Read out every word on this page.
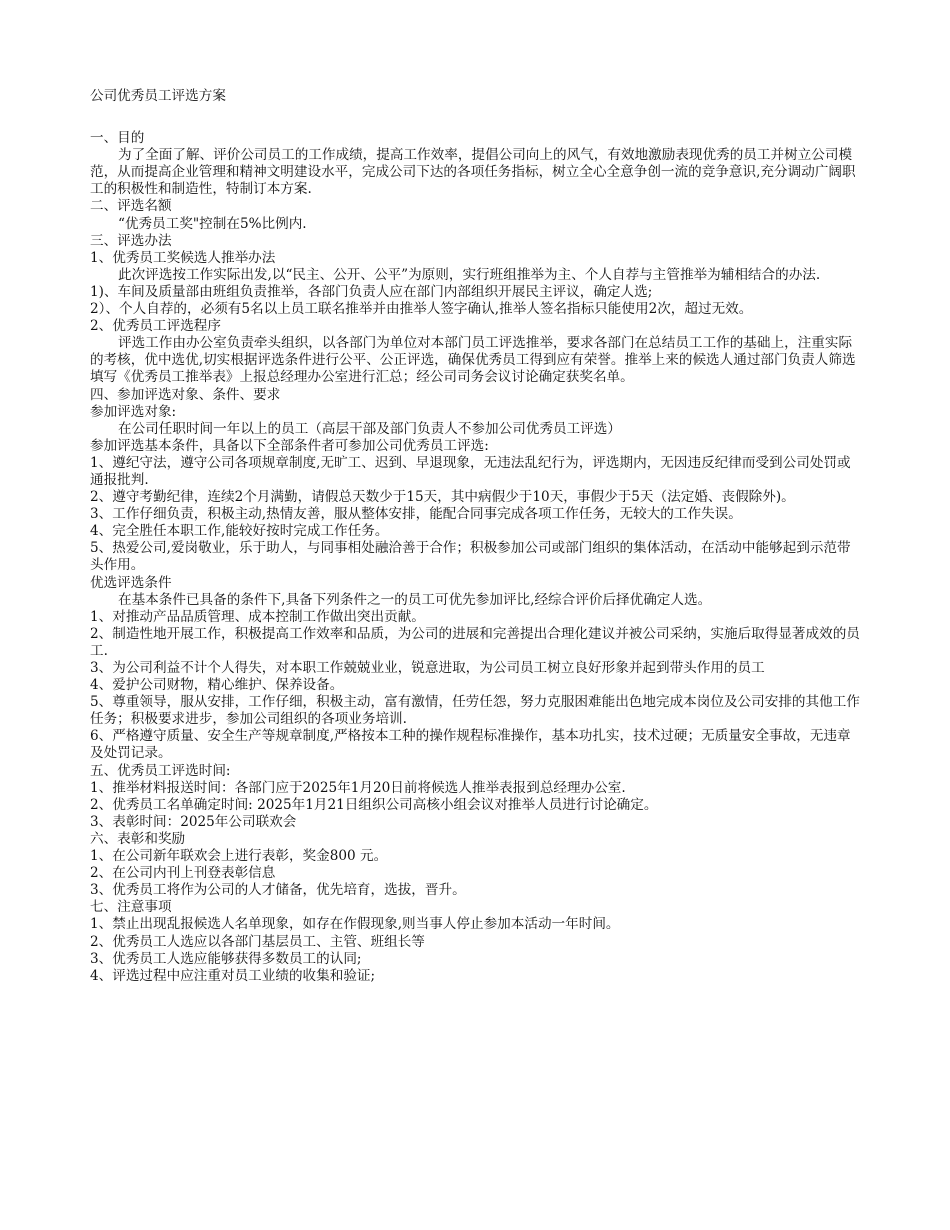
公司优秀员工评选方案

一、目的

为了全面了解、评价公司员工的工作成绩，提高工作效率，提倡公司向上的风气，有效地激励表现优秀的员工并树立公司模范，从而提高企业管理和精神文明建设水平，完成公司下达的各项任务指标，树立全心全意争创一流的竞争意识,充分调动广阔职工的积极性和制造性，特制订本方案.

二、评选名额

“优秀员工奖"控制在5%比例内.

三、评选办法

1、优秀员工奖候选人推举办法

此次评选按工作实际出发,以“民主、公开、公平”为原则，实行班组推举为主、个人自荐与主管推举为辅相结合的办法.

1)、车间及质量部由班组负责推举，各部门负责人应在部门内部组织开展民主评议，确定人选;

2）、个人自荐的，必须有5名以上员工联名推举并由推举人签字确认,推举人签名指标只能使用2次，超过无效。

2、优秀员工评选程序

评选工作由办公室负责牵头组织，以各部门为单位对本部门员工评选推举，要求各部门在总结员工工作的基础上，注重实际的考核，优中选优,切实根据评选条件进行公平、公正评选，确保优秀员工得到应有荣誉。推举上来的候选人通过部门负责人筛选填写《优秀员工推举表》上报总经理办公室进行汇总；经公司司务会议讨论确定获奖名单。

四、参加评选对象、条件、要求

参加评选对象:

在公司任职时间一年以上的员工（高层干部及部门负责人不参加公司优秀员工评选）

参加评选基本条件，具备以下全部条件者可参加公司优秀员工评选:

1、遵纪守法，遵守公司各项规章制度,无旷工、迟到、早退现象，无违法乱纪行为，评选期内，无因违反纪律而受到公司处罚或通报批判.

2、遵守考勤纪律，连续2个月满勤，请假总天数少于15天，其中病假少于10天，事假少于5天（法定婚、丧假除外)。

3、工作仔细负责，积极主动,热情友善，服从整体安排，能配合同事完成各项工作任务，无较大的工作失误。

4、完全胜任本职工作,能较好按时完成工作任务。

5、热爱公司,爱岗敬业，乐于助人，与同事相处融洽善于合作；积极参加公司或部门组织的集体活动，在活动中能够起到示范带头作用。

优选评选条件

在基本条件已具备的条件下,具备下列条件之一的员工可优先参加评比,经综合评价后择优确定人选。

1、对推动产品品质管理、成本控制工作做出突出贡献。

2、制造性地开展工作，积极提高工作效率和品质，为公司的进展和完善提出合理化建议并被公司采纳，实施后取得显著成效的员工.

3、为公司利益不计个人得失，对本职工作兢兢业业，锐意进取，为公司员工树立良好形象并起到带头作用的员工

4、爱护公司财物，精心维护、保养设备。

5、尊重领导，服从安排，工作仔细，积极主动，富有激情，任劳任怨，努力克服困难能出色地完成本岗位及公司安排的其他工作任务；积极要求进步，参加公司组织的各项业务培训.

6、严格遵守质量、安全生产等规章制度,严格按本工种的操作规程标准操作，基本功扎实，技术过硬；无质量安全事故，无违章及处罚记录。

五、优秀员工评选时间:

1、推举材料报送时间：各部门应于2025年1月20日前将候选人推举表报到总经理办公室.

2、优秀员工名单确定时间: 2025年1月21日组织公司高核小组会议对推举人员进行讨论确定。

3、表彰时间：2025年公司联欢会

六、表彰和奖励

1、在公司新年联欢会上进行表彰，奖金800 元。

2、在公司内刊上刊登表彰信息

3、优秀员工将作为公司的人才储备，优先培育，选拔，晋升。

七、注意事项

1、禁止出现乱报候选人名单现象，如存在作假现象,则当事人停止参加本活动一年时间。

2、优秀员工人选应以各部门基层员工、主管、班组长等

3、优秀员工人选应能够获得多数员工的认同;

4、评选过程中应注重对员工业绩的收集和验证;
